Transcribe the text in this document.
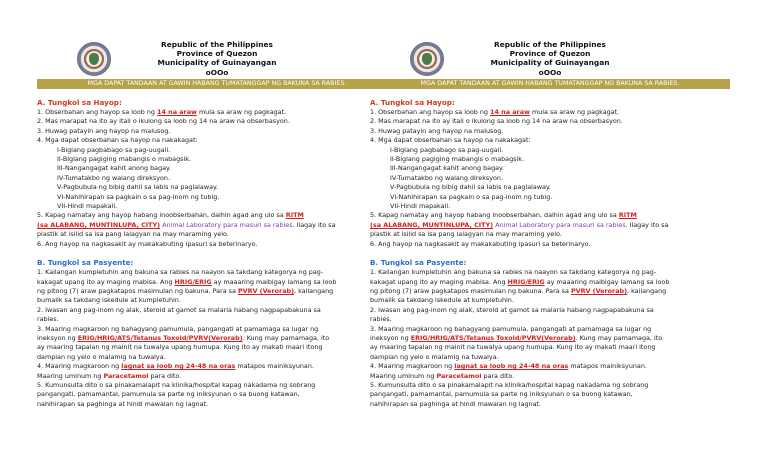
Republic of the Philippines
Province of Quezon
Municipality of Guinayangan
oOOo
MGA DAPAT TANDAAN AT GAWIN HABANG TUMATANGGAP NG BAKUNA SA RABIES.
A. Tungkol sa Hayop:
1. Obserbahan ang hayop sa loob ng 14 na araw mula sa araw ng pagkagat.
2. Mas marapat na ito ay itali o ikulong sa loob ng 14 na araw na obserbasyon.
3. Huwag patayin ang hayop na malusog.
4. Mga dapat obserbahan sa hayop na nakakagat:
I-Biglang pagbabago sa pag-uugali.
II-Biglang pagiging mabangis o mabagsik.
III-Nangangagat kahit anong bagay.
IV-Tumatakbo ng walang direksyon.
V-Pagbubula ng bibig dahil sa labis na paglalaway.
VI-Nahihirapan sa pagkain o sa pag-inom ng tubig.
VII-Hindi mapakali.
5. Kapag namatay ang hayop habang inoobserbahan, dalhin agad ang ulo sa RITM
(sa ALABANG, MUNTINLUPA, CITY) Animal Laboratory para masuri sa rabies. Ilagay ito sa
plastik at isilid sa isa pang lalagyan na may maraming yelo.
6. Ang hayop na nagkasakit ay makakabuting ipasuri sa beterinaryo.
B. Tungkol sa Pasyente:
1. Kailangan kumpletuhin ang bakuna sa rabies na naayon sa takdang kategorya ng pag-
kakagat upang ito ay maging mabisa. Ang HRIG/ERIG ay maaaring maibigay lamang sa loob
ng pitong (7) araw pagkatapos masimulan ng bakuna. Para sa PVRV (Verorab), kailangang
bumalik sa takdang iskedule at kumpletuhin.
2. Iwasan ang pag-inom ng alak, steroid at gamot sa malaria habang nagpapabakuna sa
rabies.
3. Maaring magkaroon ng bahagyang pamumula, pangangati at pamamaga sa lugar ng
ineksyon ng ERIG/HRIG/ATS/Tetanus Toxoid/PVRV(Verorab). Kung may pamamaga, ito
ay maaring tapalan ng mainit na tuwalya upang humupa. Kung ito ay makati maari itong
dampian ng yelo o malamig na tuwalya.
4. Maaring magkaroon ng lagnat sa loob ng 24-48 na oras matapos mainiksyunan.
Maaring uminum ng Paracetamol para dito.
5. Kumunsulta dito o sa pinakamalapit na klinika/hospital kapag nakadama ng sobrang
pangangati, pamamantal, pamumula sa parte ng iniksyunan o sa buong katawan,
nahihirapan sa paghinga at hindi mawalan ng lagnat.
Republic of the Philippines
Province of Quezon
Municipality of Guinayangan
oOOo
MGA DAPAT TANDAAN AT GAWIN HABANG TUMATANGGAP NG BAKUNA SA RABIES.
A. Tungkol sa Hayop:
1. Obserbahan ang hayop sa loob ng 14 na araw mula sa araw ng pagkagat.
2. Mas marapat na ito ay itali o ikulong sa loob ng 14 na araw na obserbasyon.
3. Huwag patayin ang hayop na malusog.
4. Mga dapat obserbahan sa hayop na nakakagat:
I-Biglang pagbabago sa pag-uugali.
II-Biglang pagiging mabangis o mabagsik.
III-Nangangagat kahit anong bagay.
IV-Tumatakbo ng walang direksyon.
V-Pagbubula ng bibig dahil sa labis na paglalaway.
VI-Nahihirapan sa pagkain o sa pag-inom ng tubig.
VII-Hindi mapakali.
5. Kapag namatay ang hayop habang inoobserbahan, dalhin agad ang ulo sa RITM
(sa ALABANG, MUNTINLUPA, CITY) Animal Laboratory para masuri sa rabies. Ilagay ito sa
plastik at isilid sa isa pang lalagyan na may maraming yelo.
6. Ang hayop na nagkasakit ay makakabuting ipasuri sa beterinaryo.
B. Tungkol sa Pasyente:
1. Kailangan kumpletuhin ang bakuna sa rabies na naayon sa takdang kategorya ng pag-
kakagat upang ito ay maging mabisa. Ang HRIG/ERIG ay maaaring maibigay lamang sa loob
ng pitong (7) araw pagkatapos masimulan ng bakuna. Para sa PVRV (Verorab), kailangang
bumalik sa takdang iskedule at kumpletuhin.
2. Iwasan ang pag-inom ng alak, steroid at gamot sa malaria habang nagpapabakuna sa
rabies.
3. Maaring magkaroon ng bahagyang pamumula, pangangati at pamamaga sa lugar ng
ineksyon ng ERIG/HRIG/ATS/Tetanus Toxoid/PVRV(Verorab). Kung may pamamaga, ito
ay maaring tapalan ng mainit na tuwalya upang humupa. Kung ito ay makati maari itong
dampian ng yelo o malamig na tuwalya.
4. Maaring magkaroon ng lagnat sa loob ng 24-48 na oras matapos mainiksyunan.
Maaring uminum ng Paracetamol para dito.
5. Kumunsulta dito o sa pinakamalapit na klinika/hospital kapag nakadama ng sobrang
pangangati, pamamantal, pamumula sa parte ng iniksyunan o sa buong katawan,
nahihirapan sa paghinga at hindi mawalan ng lagnat.
